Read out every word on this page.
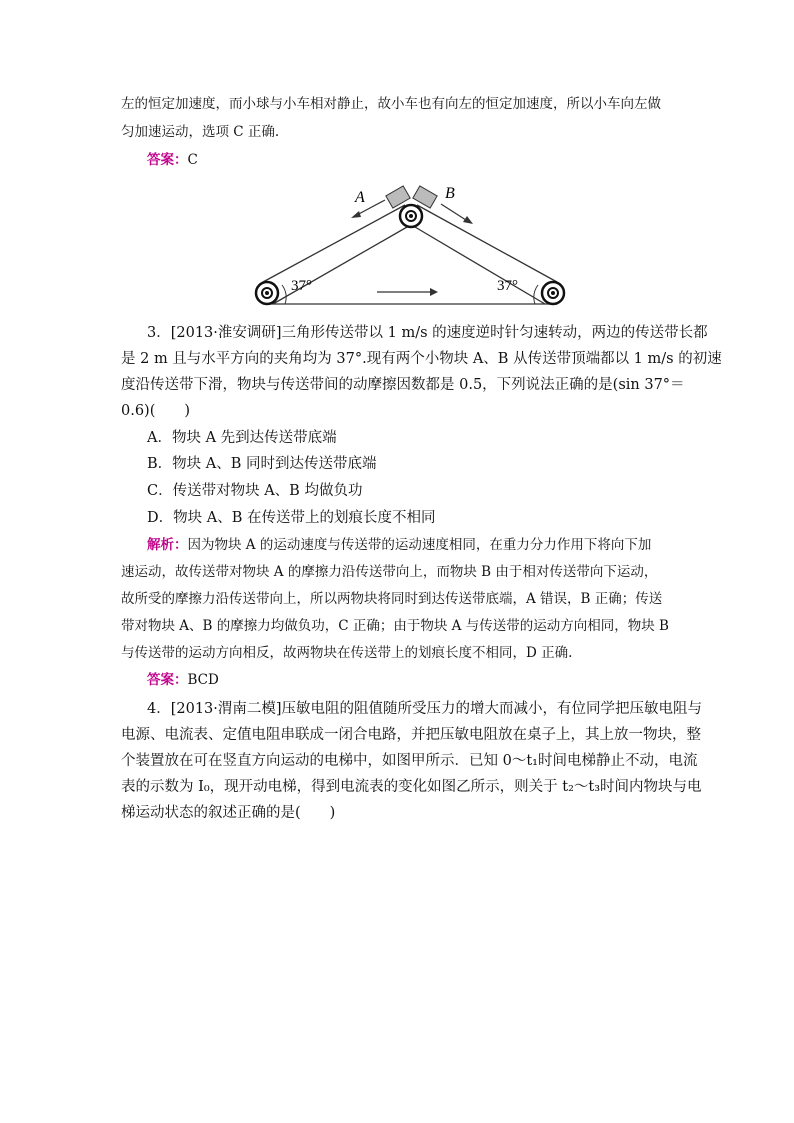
左的恒定加速度，而小球与小车相对静止，故小车也有向左的恒定加速度，所以小车向左做
匀加速运动，选项 C 正确.
答案：C
A	B
37°	37°
3．[2013·淮安调研]三角形传送带以 1 m/s 的速度逆时针匀速转动，两边的传送带长都
是 2 m 且与水平方向的夹角均为 37°.现有两个小物块 A、B 从传送带顶端都以 1 m/s 的初速
度沿传送带下滑，物块与传送带间的动摩擦因数都是 0.5，下列说法正确的是(sin 37°＝
0.6)(　　)
A．物块 A 先到达传送带底端
B．物块 A、B 同时到达传送带底端
C．传送带对物块 A、B 均做负功
D．物块 A、B 在传送带上的划痕长度不相同
解析：因为物块 A 的运动速度与传送带的运动速度相同，在重力分力作用下将向下加
速运动，故传送带对物块 A 的摩擦力沿传送带向上，而物块 B 由于相对传送带向下运动，
故所受的摩擦力沿传送带向上，所以两物块将同时到达传送带底端，A 错误，B 正确；传送
带对物块 A、B 的摩擦力均做负功，C 正确；由于物块 A 与传送带的运动方向相同，物块 B
与传送带的运动方向相反，故两物块在传送带上的划痕长度不相同，D 正确.
答案：BCD
4．[2013·渭南二模]压敏电阻的阻值随所受压力的增大而减小，有位同学把压敏电阻与
电源、电流表、定值电阻串联成一闭合电路，并把压敏电阻放在桌子上，其上放一物块，整
个装置放在可在竖直方向运动的电梯中，如图甲所示．已知 0～t₁时间电梯静止不动，电流
表的示数为 I₀，现开动电梯，得到电流表的变化如图乙所示，则关于 t₂～t₃时间内物块与电
梯运动状态的叙述正确的是(　　)
